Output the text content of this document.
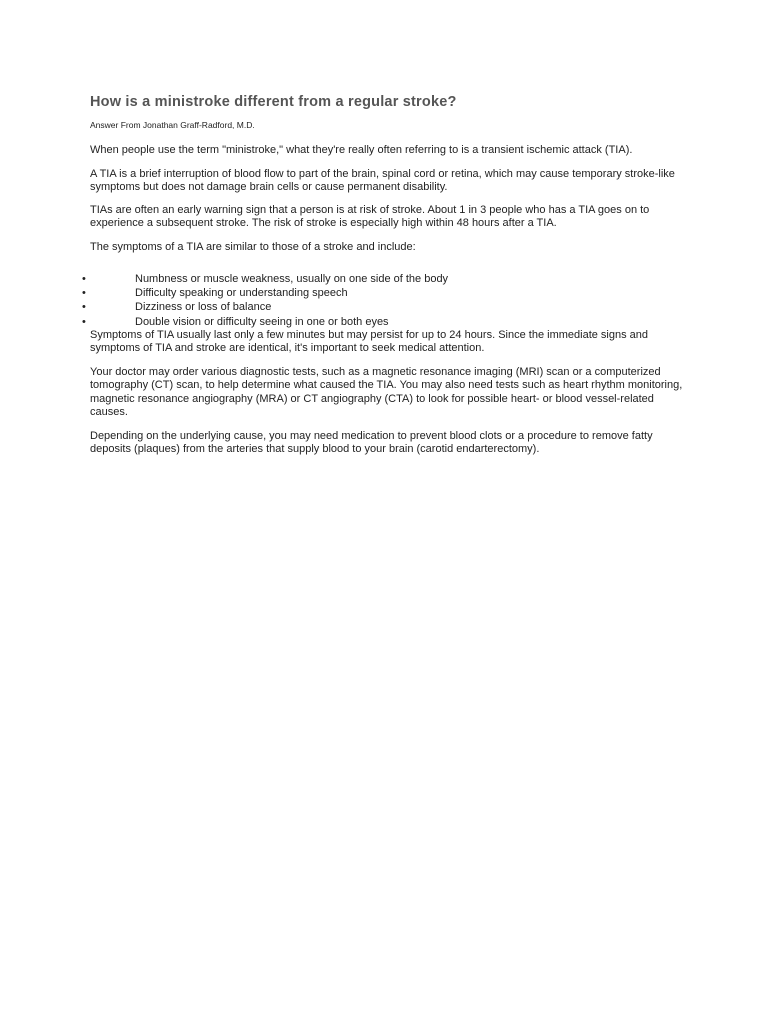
How is a ministroke different from a regular stroke?

Answer From Jonathan Graff-Radford, M.D.

When people use the term "ministroke," what they're really often referring to is a transient ischemic attack (TIA).

A TIA is a brief interruption of blood flow to part of the brain, spinal cord or retina, which may cause temporary stroke-like symptoms but does not damage brain cells or cause permanent disability.

TIAs are often an early warning sign that a person is at risk of stroke. About 1 in 3 people who has a TIA goes on to experience a subsequent stroke. The risk of stroke is especially high within 48 hours after a TIA.

The symptoms of a TIA are similar to those of a stroke and include:

•	Numbness or muscle weakness, usually on one side of the body
•	Difficulty speaking or understanding speech
•	Dizziness or loss of balance
•	Double vision or difficulty seeing in one or both eyes

Symptoms of TIA usually last only a few minutes but may persist for up to 24 hours. Since the immediate signs and symptoms of TIA and stroke are identical, it's important to seek medical attention.

Your doctor may order various diagnostic tests, such as a magnetic resonance imaging (MRI) scan or a computerized tomography (CT) scan, to help determine what caused the TIA. You may also need tests such as heart rhythm monitoring, magnetic resonance angiography (MRA) or CT angiography (CTA) to look for possible heart- or blood vessel-related causes.

Depending on the underlying cause, you may need medication to prevent blood clots or a procedure to remove fatty deposits (plaques) from the arteries that supply blood to your brain (carotid endarterectomy).
